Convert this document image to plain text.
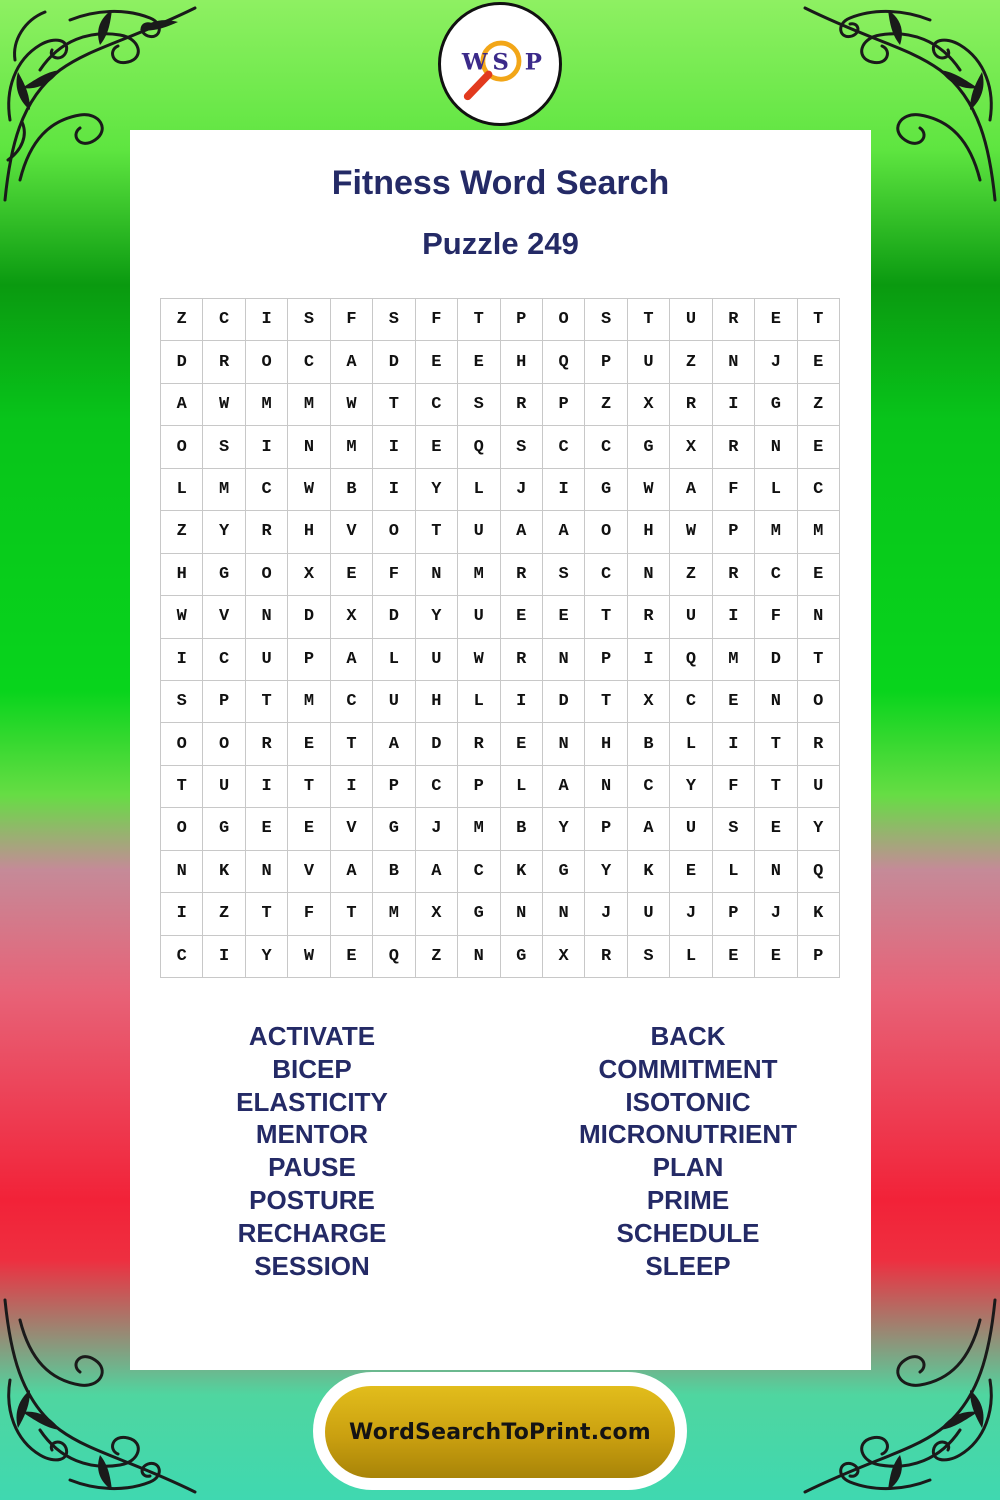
W S P
Fitness Word Search
Puzzle 249
Z	C	I	S	F	S	F	T	P	O	S	T	U	R	E	T
D	R	O	C	A	D	E	E	H	Q	P	U	Z	N	J	E
A	W	M	M	W	T	C	S	R	P	Z	X	R	I	G	Z
O	S	I	N	M	I	E	Q	S	C	C	G	X	R	N	E
L	M	C	W	B	I	Y	L	J	I	G	W	A	F	L	C
Z	Y	R	H	V	O	T	U	A	A	O	H	W	P	M	M
H	G	O	X	E	F	N	M	R	S	C	N	Z	R	C	E
W	V	N	D	X	D	Y	U	E	E	T	R	U	I	F	N
I	C	U	P	A	L	U	W	R	N	P	I	Q	M	D	T
S	P	T	M	C	U	H	L	I	D	T	X	C	E	N	O
O	O	R	E	T	A	D	R	E	N	H	B	L	I	T	R
T	U	I	T	I	P	C	P	L	A	N	C	Y	F	T	U
O	G	E	E	V	G	J	M	B	Y	P	A	U	S	E	Y
N	K	N	V	A	B	A	C	K	G	Y	K	E	L	N	Q
I	Z	T	F	T	M	X	G	N	N	J	U	J	P	J	K
C	I	Y	W	E	Q	Z	N	G	X	R	S	L	E	E	P
ACTIVATE
BICEP
ELASTICITY
MENTOR
PAUSE
POSTURE
RECHARGE
SESSION
BACK
COMMITMENT
ISOTONIC
MICRONUTRIENT
PLAN
PRIME
SCHEDULE
SLEEP
WordSearchToPrint.com
